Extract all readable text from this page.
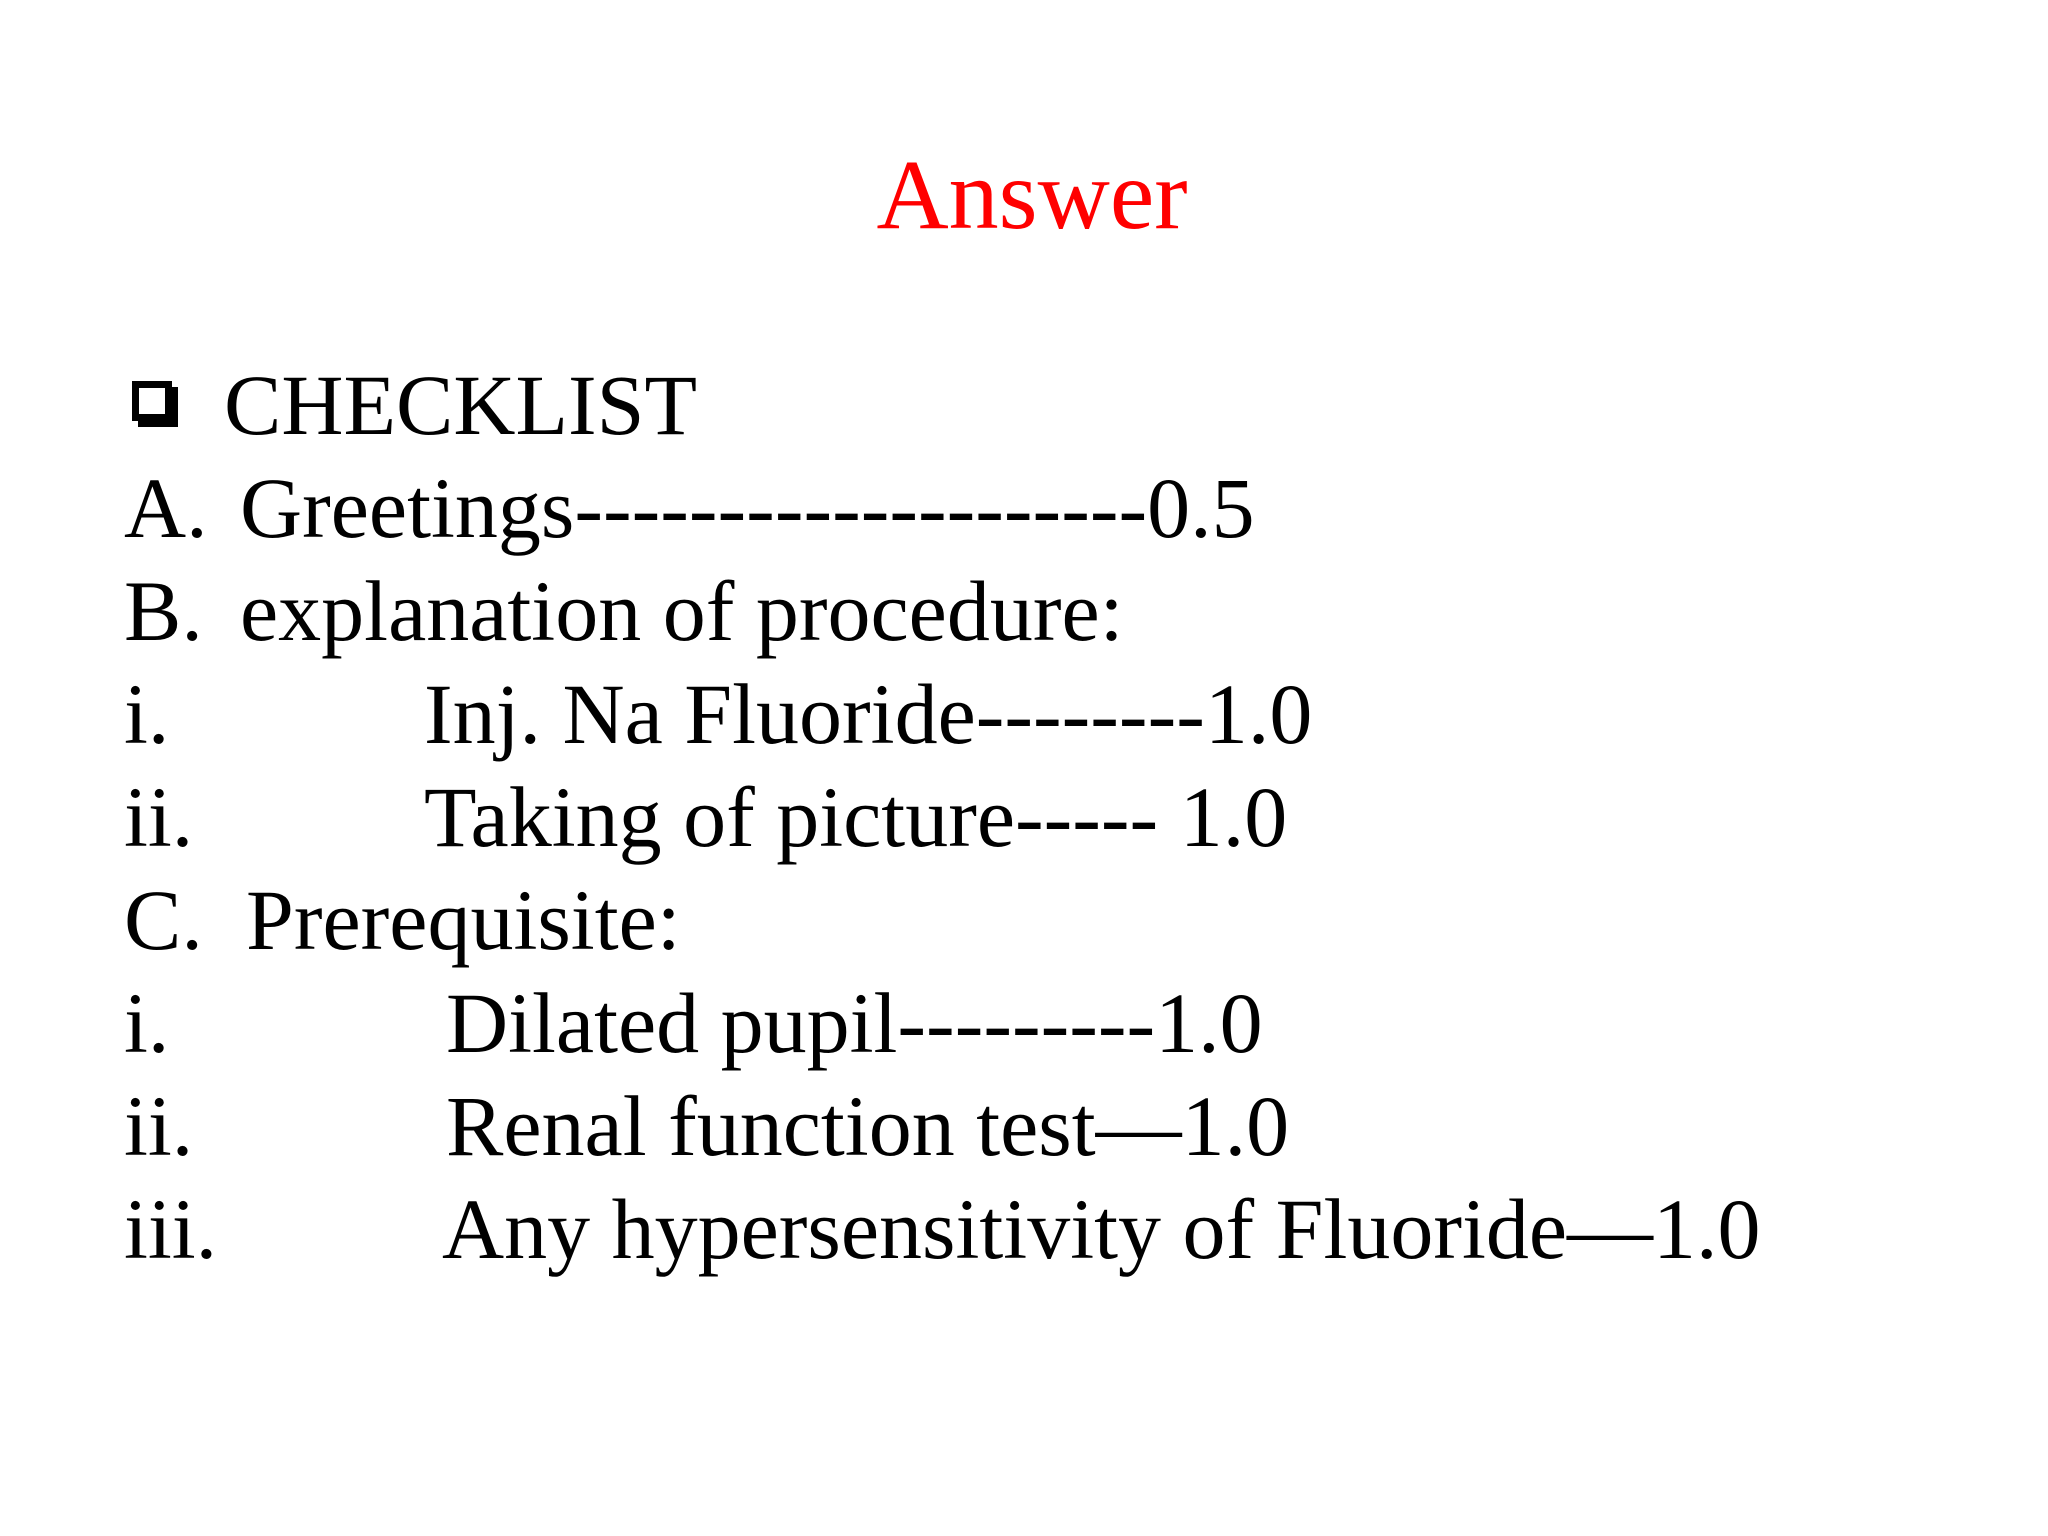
Answer
CHECKLIST
A. Greetings--------------------0.5
B. explanation of procedure:
i.	Inj. Na Fluoride--------1.0
ii.	Taking of picture----- 1.0
C. Prerequisite:
i.	Dilated pupil---------1.0
ii.	Renal function test—1.0
iii.	Any hypersensitivity of Fluoride—1.0
